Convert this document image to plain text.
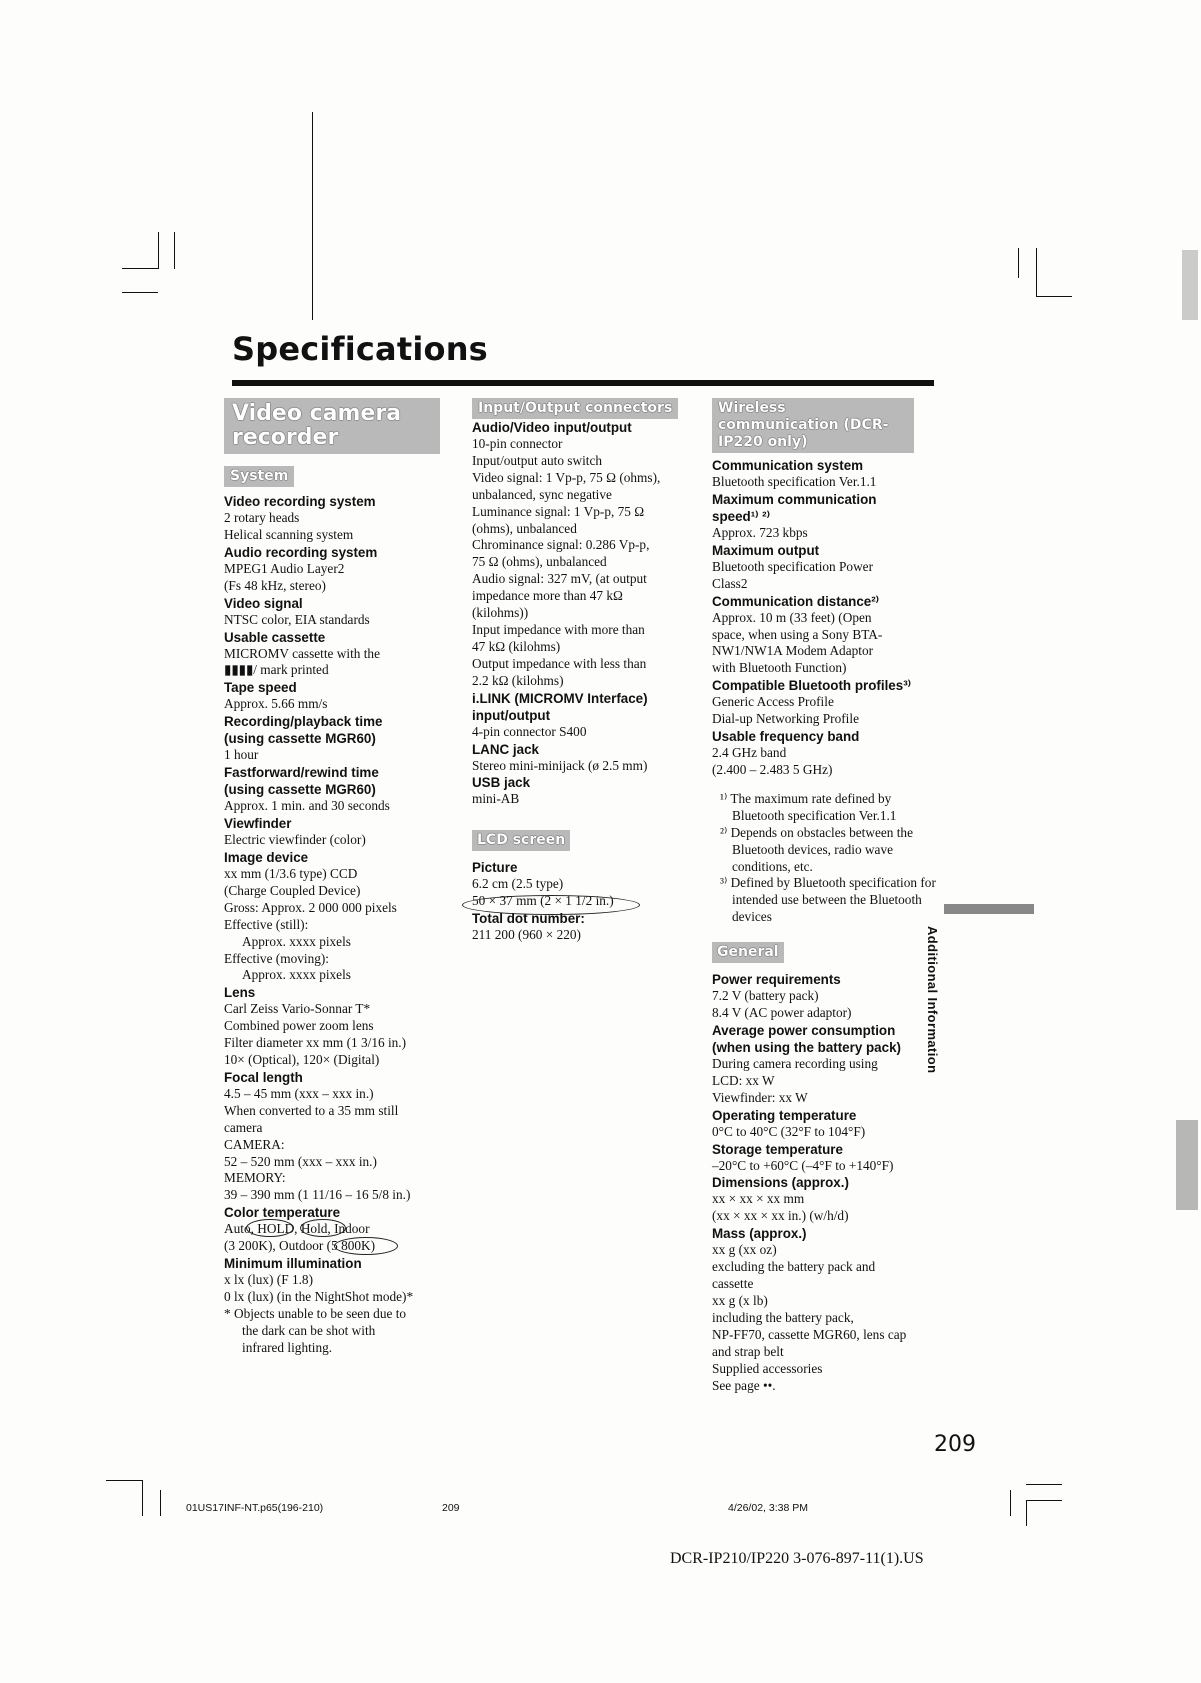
Specifications
Video camera recorder
System
Video recording system
2 rotary heads
Helical scanning system
Audio recording system
MPEG1 Audio Layer2
(Fs 48 kHz, stereo)
Video signal
NTSC color, EIA standards
Usable cassette
MICROMV cassette with the
▮▮▮▮/ mark printed
Tape speed
Approx. 5.66 mm/s
Recording/playback time
(using cassette MGR60)
1 hour
Fastforward/rewind time
(using cassette MGR60)
Approx. 1 min. and 30 seconds
Viewfinder
Electric viewfinder (color)
Image device
xx mm (1/3.6 type) CCD
(Charge Coupled Device)
Gross: Approx. 2 000 000 pixels
Effective (still):
Approx. xxxx pixels
Effective (moving):
Approx. xxxx pixels
Lens
Carl Zeiss Vario-Sonnar T*
Combined power zoom lens
Filter diameter xx mm (1 3/16 in.)
10× (Optical), 120× (Digital)
Focal length
4.5 – 45 mm (xxx – xxx in.)
When converted to a 35 mm still
camera
CAMERA:
52 – 520 mm (xxx – xxx in.)
MEMORY:
39 – 390 mm (1 11/16 – 16 5/8 in.)
Color temperature
Auto, HOLD, Hold, Indoor
(3 200K), Outdoor (5 800K)
Minimum illumination
x lx (lux) (F 1.8)
0 lx (lux) (in the NightShot mode)*
* Objects unable to be seen due to
the dark can be shot with
infrared lighting.
Input/Output connectors
Audio/Video input/output
10-pin connector
Input/output auto switch
Video signal: 1 Vp-p, 75 Ω (ohms),
unbalanced, sync negative
Luminance signal: 1 Vp-p, 75 Ω
(ohms), unbalanced
Chrominance signal: 0.286 Vp-p,
75 Ω (ohms), unbalanced
Audio signal: 327 mV, (at output
impedance more than 47 kΩ
(kilohms))
Input impedance with more than
47 kΩ (kilohms)
Output impedance with less than
2.2 kΩ (kilohms)
i.LINK (MICROMV Interface)
input/output
4-pin connector S400
LANC jack
Stereo mini-minijack (ø 2.5 mm)
USB jack
mini-AB
LCD screen
Picture
6.2 cm (2.5 type)
50 × 37 mm (2 × 1 1/2 in.)
Total dot number:
211 200 (960 × 220)
Wireless communication (DCR-IP220 only)
Communication system
Bluetooth specification Ver.1.1
Maximum communication
speed¹⁾ ²⁾
Approx. 723 kbps
Maximum output
Bluetooth specification Power
Class2
Communication distance²⁾
Approx. 10 m (33 feet) (Open
space, when using a Sony BTA-
NW1/NW1A Modem Adaptor
with Bluetooth Function)
Compatible Bluetooth profiles³⁾
Generic Access Profile
Dial-up Networking Profile
Usable frequency band
2.4 GHz band
(2.400 – 2.483 5 GHz)
¹⁾ The maximum rate defined by Bluetooth specification Ver.1.1
²⁾ Depends on obstacles between the Bluetooth devices, radio wave conditions, etc.
³⁾ Defined by Bluetooth specification for intended use between the Bluetooth devices
General
Power requirements
7.2 V (battery pack)
8.4 V (AC power adaptor)
Average power consumption
(when using the battery pack)
During camera recording using
LCD: xx W
Viewfinder: xx W
Operating temperature
0°C to 40°C (32°F to 104°F)
Storage temperature
–20°C to +60°C (–4°F to +140°F)
Dimensions (approx.)
xx × xx × xx mm
(xx × xx × xx in.) (w/h/d)
Mass (approx.)
xx g (xx oz)
excluding the battery pack and
cassette
xx g (x lb)
including the battery pack,
NP-FF70, cassette MGR60, lens cap
and strap belt
Supplied accessories
See page ••.
Additional Information
209
01US17INF-NT.p65(196-210)	209	4/26/02, 3:38 PM
DCR-IP210/IP220 3-076-897-11(1).US
